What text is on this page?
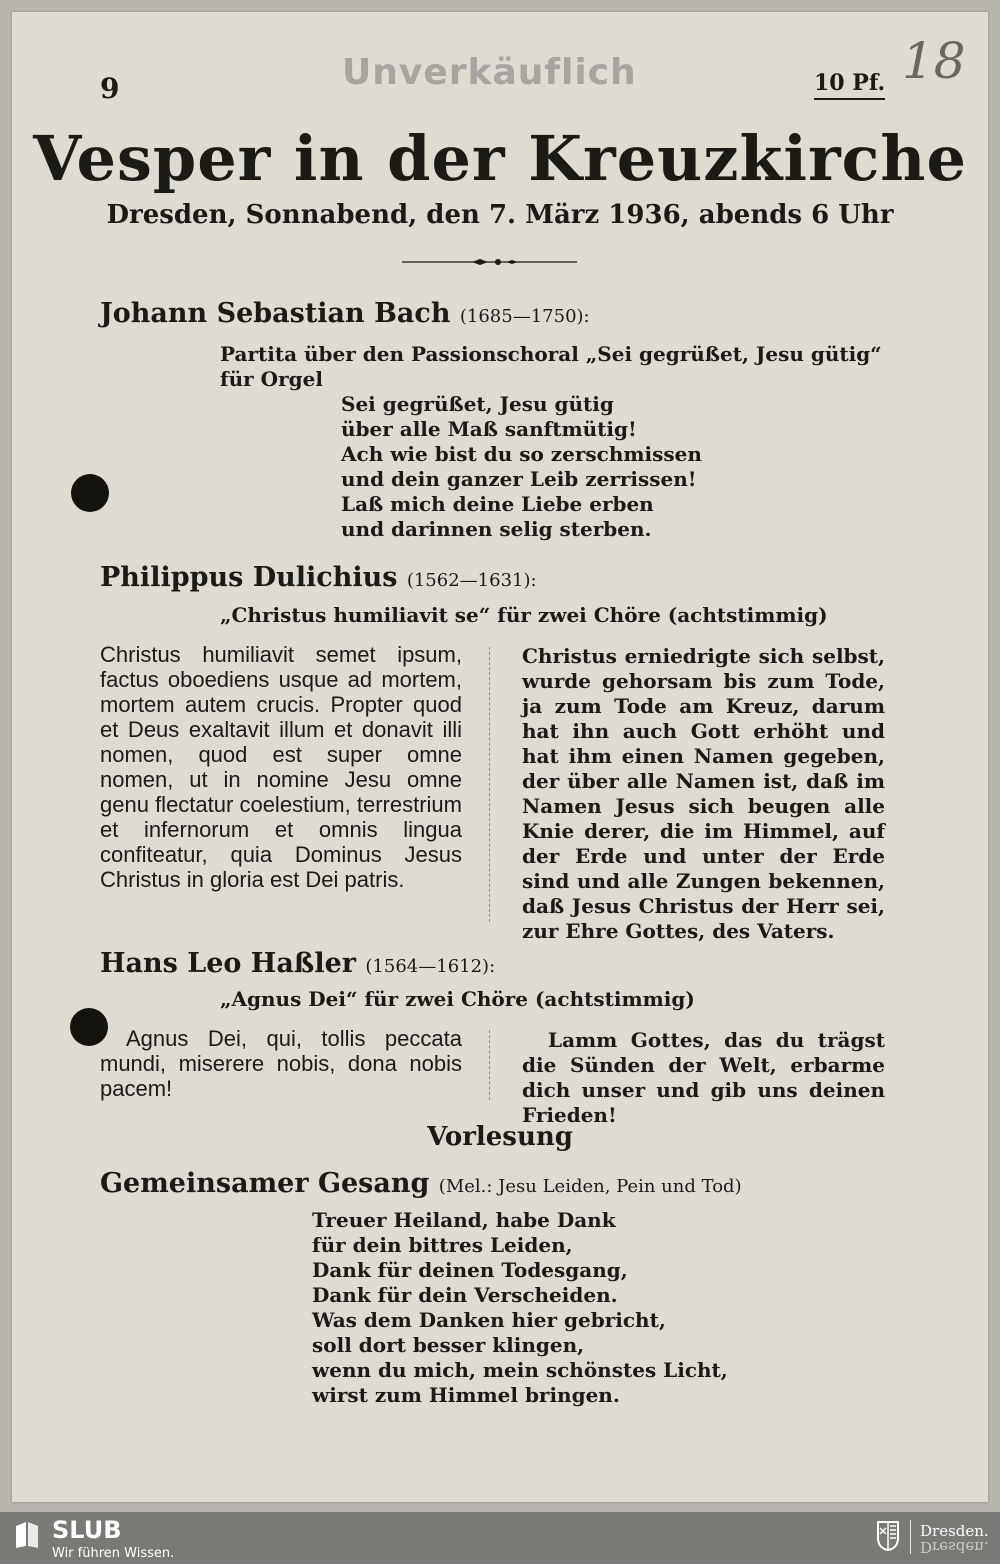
9	Unverkäuflich	10 Pf. 18
Vesper in der Kreuzkirche
Dresden, Sonnabend, den 7. März 1936, abends 6 Uhr
Johann Sebastian Bach (1685—1750):
Partita über den Passionschoral „Sei gegrüßet, Jesu gütig“
für Orgel
Sei gegrüßet, Jesu gütig
über alle Maß sanftmütig!
Ach wie bist du so zerschmissen
und dein ganzer Leib zerrissen!
Laß mich deine Liebe erben
und darinnen selig sterben.
Philippus Dulichius (1562—1631):
„Christus humiliavit se“ für zwei Chöre (achtstimmig)
Christus humiliavit semet ipsum, factus oboediens usque ad mortem, mortem autem crucis. Propter quod et Deus exaltavit illum et donavit illi nomen, quod est super omne nomen, ut in nomine Jesu omne genu flectatur coelestium, terrestrium et infernorum et omnis lingua confiteatur, quia Dominus Jesus Christus in gloria est Dei patris.
Christus erniedrigte sich selbst, wurde gehorsam bis zum Tode, ja zum Tode am Kreuz, darum hat ihn auch Gott erhöht und hat ihm einen Namen gegeben, der über alle Namen ist, daß im Namen Jesus sich beugen alle Knie derer, die im Himmel, auf der Erde und unter der Erde sind und alle Zungen bekennen, daß Jesus Christus der Herr sei, zur Ehre Gottes, des Vaters.
Hans Leo Haßler (1564—1612):
„Agnus Dei“ für zwei Chöre (achtstimmig)
Agnus Dei, qui, tollis peccata mundi, miserere nobis, dona nobis pacem!
Lamm Gottes, das du trägst die Sünden der Welt, erbarme dich unser und gib uns deinen Frieden!
Vorlesung
Gemeinsamer Gesang (Mel.: Jesu Leiden, Pein und Tod)
Treuer Heiland, habe Dank
für dein bittres Leiden,
Dank für deinen Todesgang,
Dank für dein Verscheiden.
Was dem Danken hier gebricht,
soll dort besser klingen,
wenn du mich, mein schönstes Licht,
wirst zum Himmel bringen.
SLUB
Wir führen Wissen.
Dresden.
Dresden.
